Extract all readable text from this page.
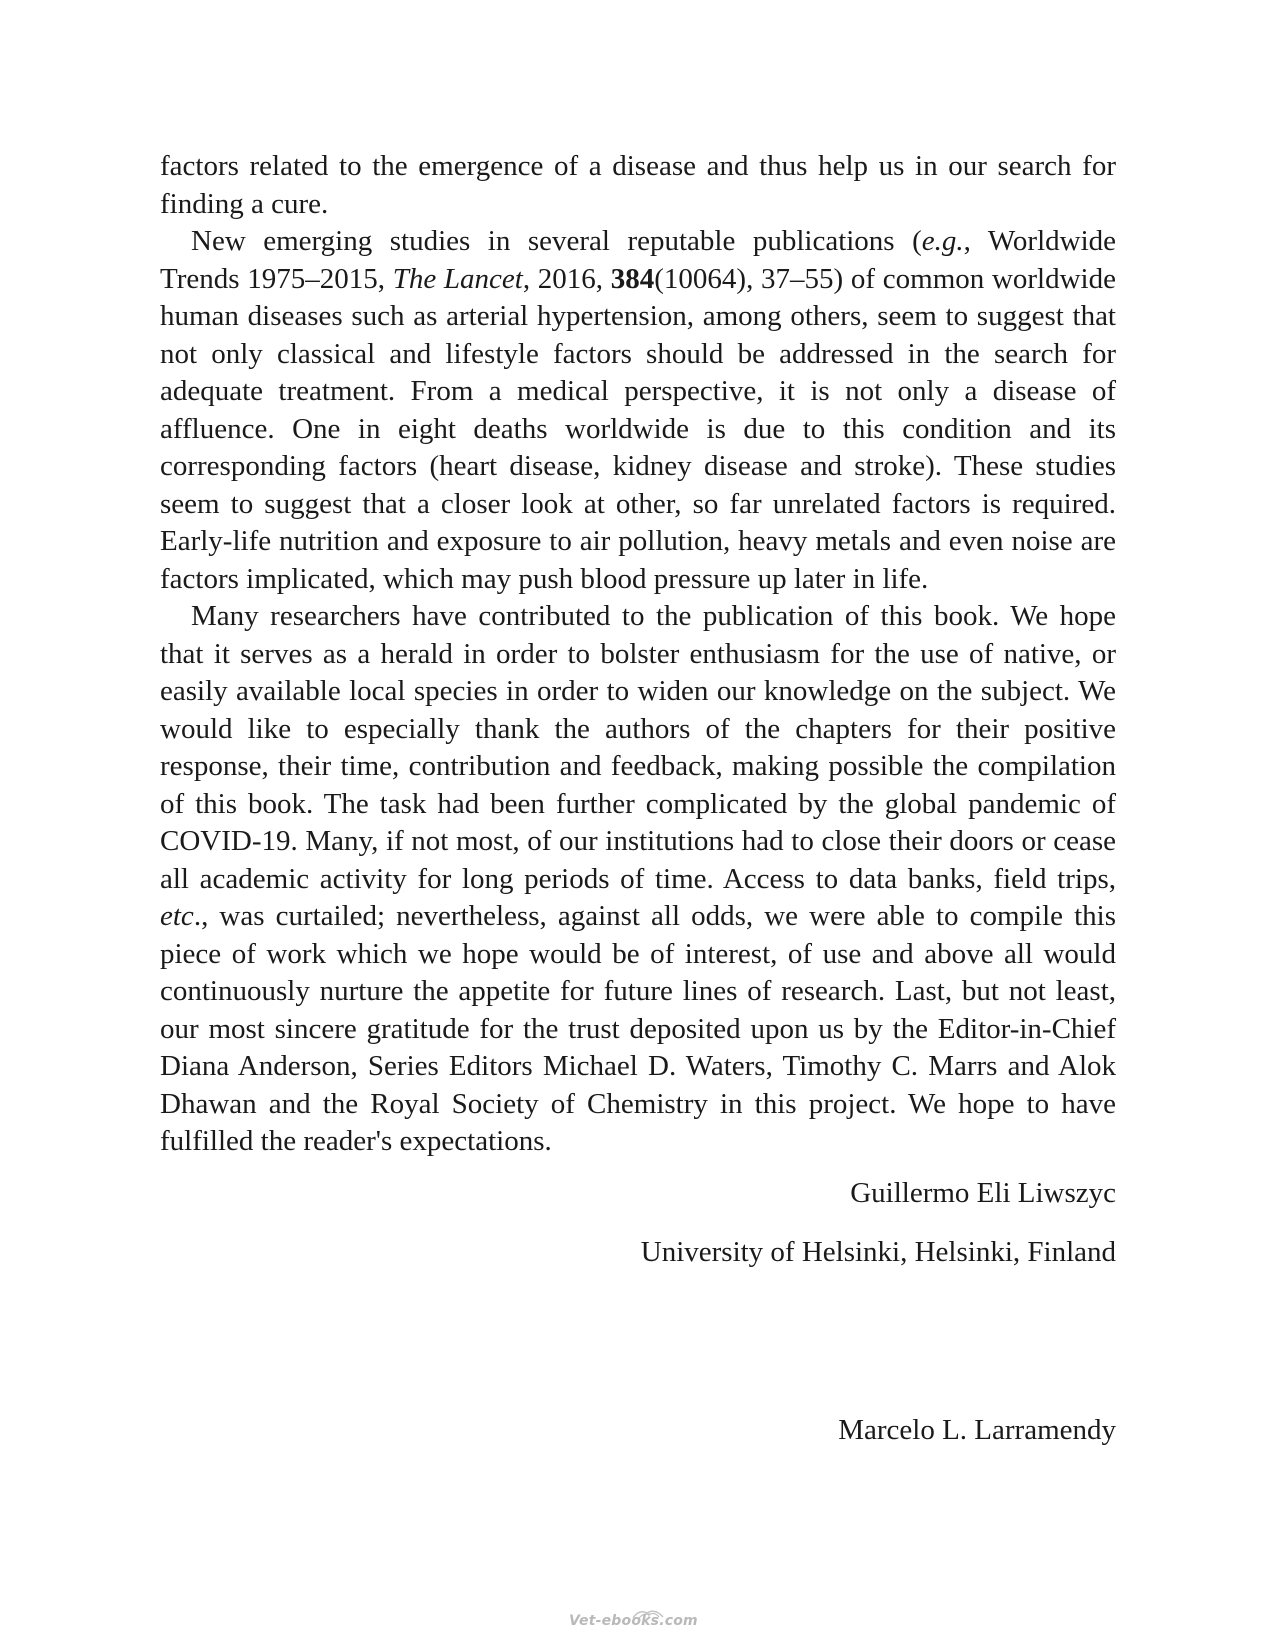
factors related to the emergence of a disease and thus help us in our search for finding a cure.

New emerging studies in several reputable publications (e.g., Worldwide Trends 1975–2015, The Lancet, 2016, 384(10064), 37–55) of common worldwide human diseases such as arterial hypertension, among others, seem to suggest that not only classical and lifestyle factors should be addressed in the search for adequate treatment. From a medical perspective, it is not only a disease of affluence. One in eight deaths worldwide is due to this condition and its corresponding factors (heart disease, kidney disease and stroke). These studies seem to suggest that a closer look at other, so far unrelated factors is required. Early-life nutrition and exposure to air pollution, heavy metals and even noise are factors implicated, which may push blood pressure up later in life.

Many researchers have contributed to the publication of this book. We hope that it serves as a herald in order to bolster enthusiasm for the use of native, or easily available local species in order to widen our knowledge on the subject. We would like to especially thank the authors of the chapters for their positive response, their time, contribution and feedback, making possible the compilation of this book. The task had been further complicated by the global pandemic of COVID-19. Many, if not most, of our institutions had to close their doors or cease all academic activity for long periods of time. Access to data banks, field trips, etc., was curtailed; nevertheless, against all odds, we were able to compile this piece of work which we hope would be of interest, of use and above all would continuously nurture the appetite for future lines of research. Last, but not least, our most sincere gratitude for the trust deposited upon us by the Editor-in-Chief Diana Anderson, Series Editors Michael D. Waters, Timothy C. Marrs and Alok Dhawan and the Royal Society of Chemistry in this project. We hope to have fulfilled the reader's expectations.

Guillermo Eli Liwszyc

University of Helsinki, Helsinki, Finland

Marcelo L. Larramendy

Vet-ebooks.com
